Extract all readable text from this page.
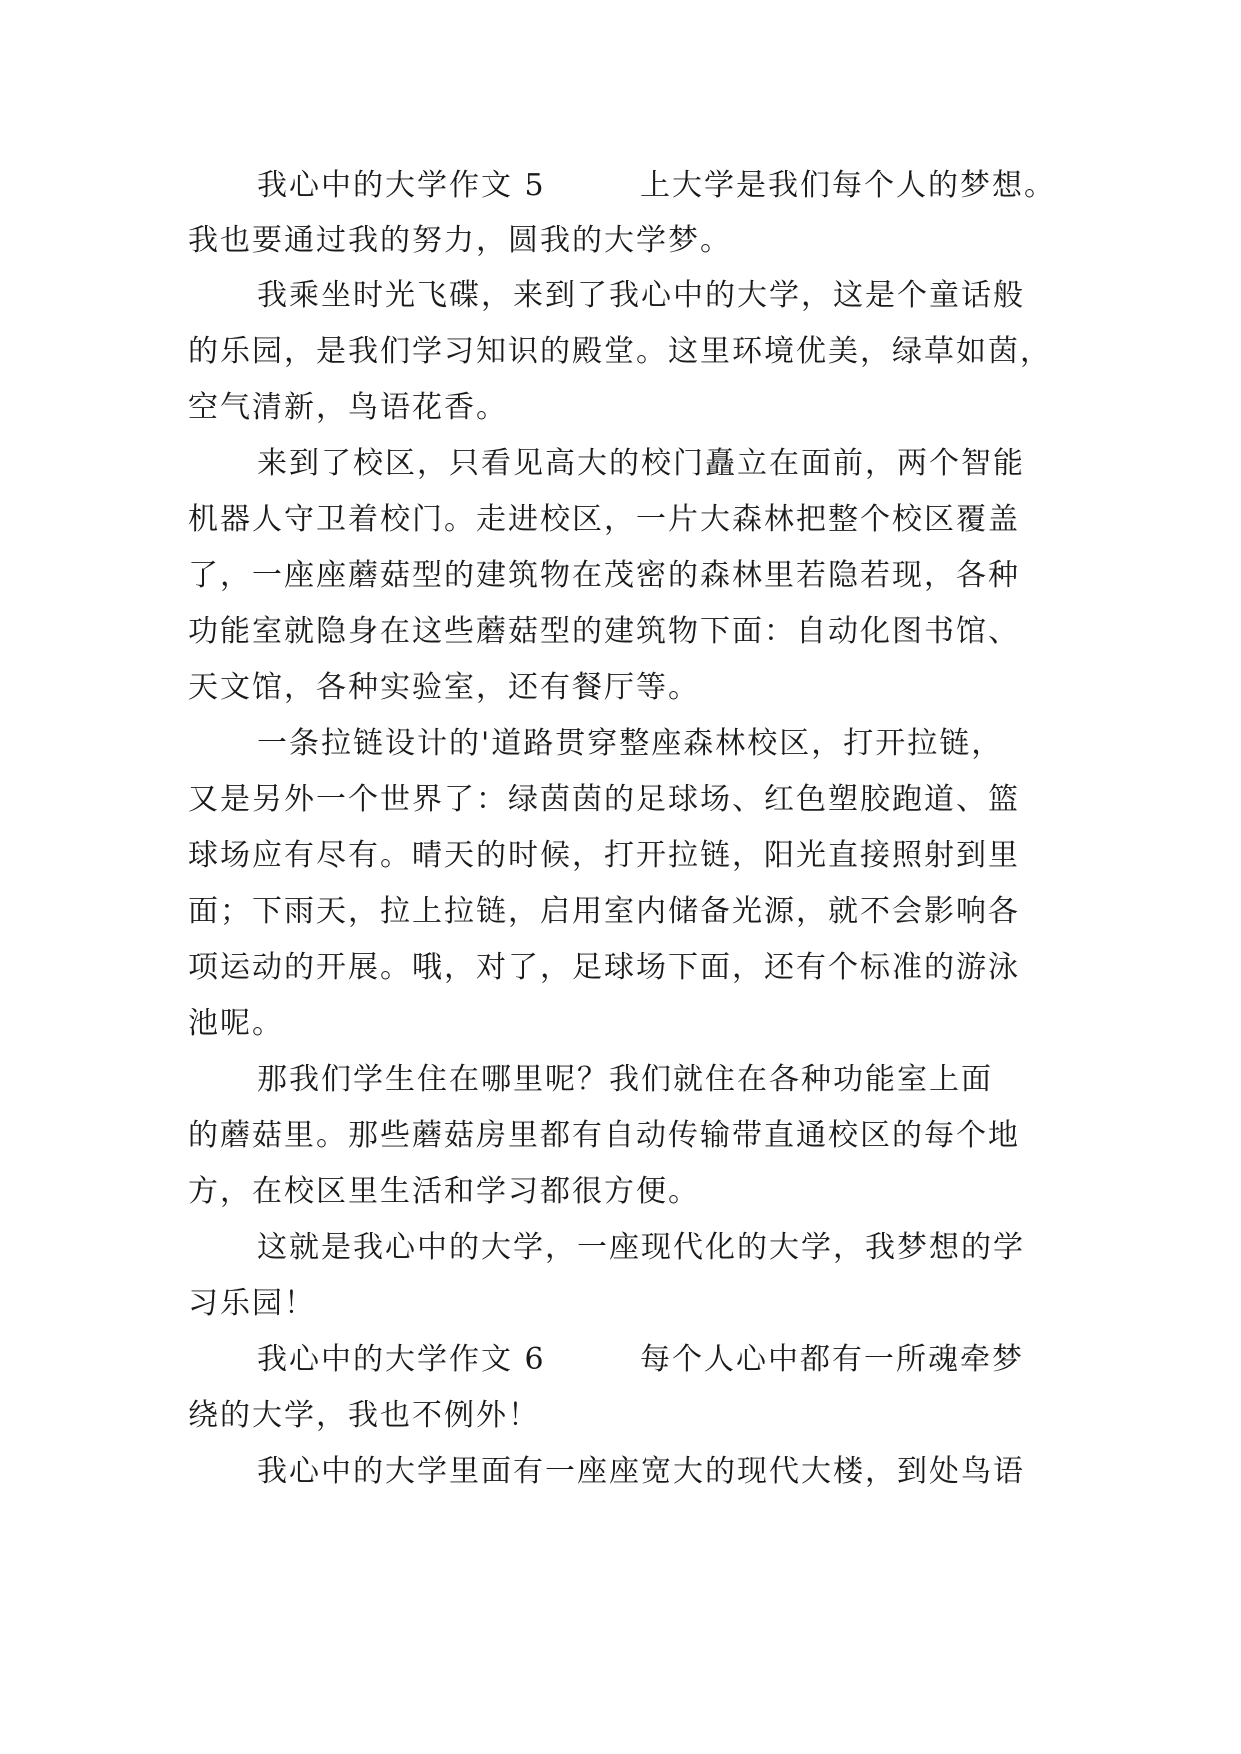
我心中的大学作文 5	上大学是我们每个人的梦想。
我也要通过我的努力，圆我的大学梦。
我乘坐时光飞碟，来到了我心中的大学，这是个童话般
的乐园，是我们学习知识的殿堂。这里环境优美，绿草如茵，
空气清新，鸟语花香。
来到了校区，只看见高大的校门矗立在面前，两个智能
机器人守卫着校门。走进校区，一片大森林把整个校区覆盖
了，一座座蘑菇型的建筑物在茂密的森林里若隐若现，各种
功能室就隐身在这些蘑菇型的建筑物下面：自动化图书馆、
天文馆，各种实验室，还有餐厅等。
一条拉链设计的'道路贯穿整座森林校区，打开拉链，
又是另外一个世界了：绿茵茵的足球场、红色塑胶跑道、篮
球场应有尽有。晴天的时候，打开拉链，阳光直接照射到里
面；下雨天，拉上拉链，启用室内储备光源，就不会影响各
项运动的开展。哦，对了，足球场下面，还有个标准的游泳
池呢。
那我们学生住在哪里呢？我们就住在各种功能室上面
的蘑菇里。那些蘑菇房里都有自动传输带直通校区的每个地
方，在校区里生活和学习都很方便。
这就是我心中的大学，一座现代化的大学，我梦想的学
习乐园！
我心中的大学作文 6	每个人心中都有一所魂牵梦
绕的大学，我也不例外！
我心中的大学里面有一座座宽大的现代大楼，到处鸟语
